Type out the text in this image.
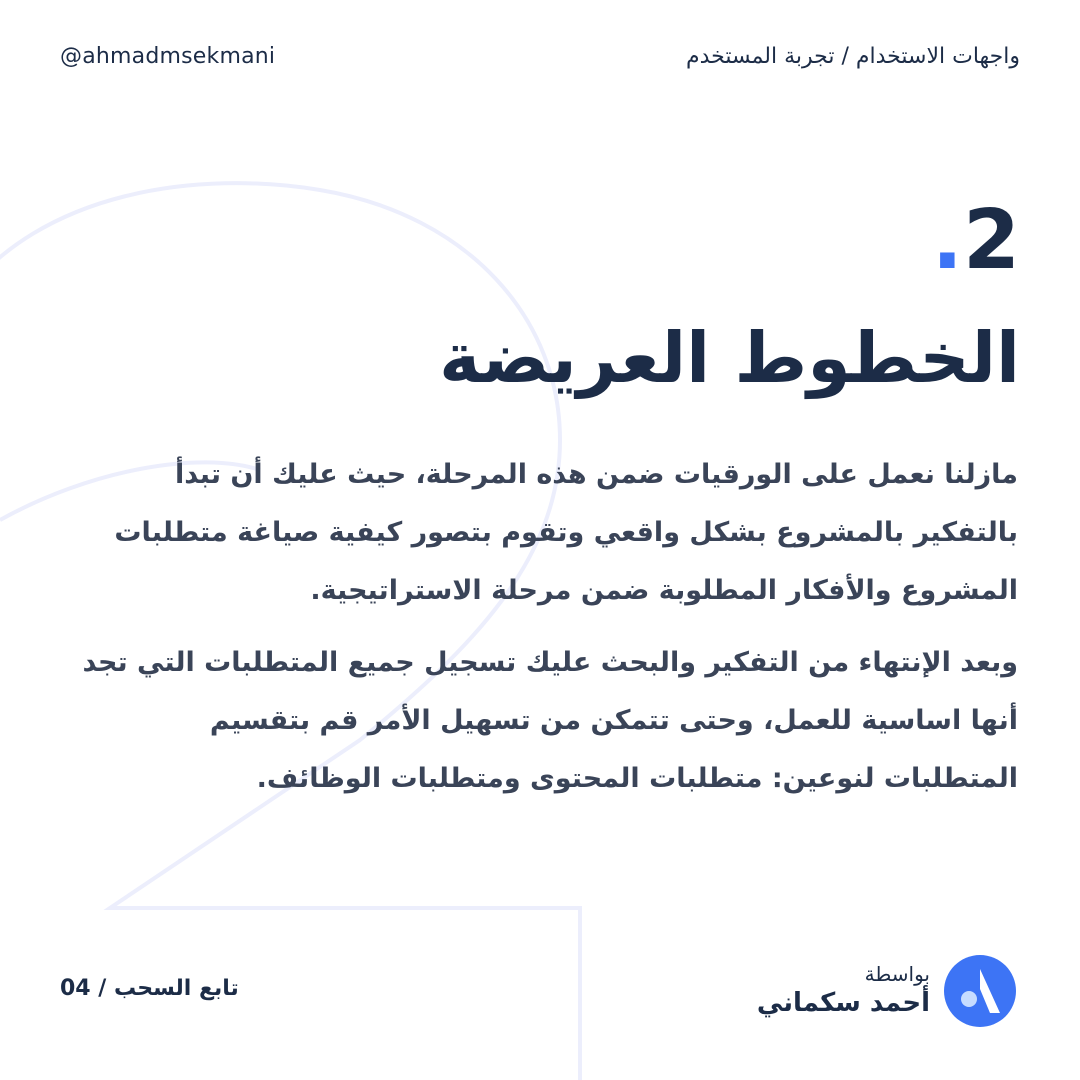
@ahmadmsekmani	واجهات الاستخدام / تجربة المستخدم
.2
الخطوط العريضة

مازلنا نعمل على الورقيات ضمن هذه المرحلة، حيث عليك أن تبدأ بالتفكير بالمشروع بشكل واقعي وتقوم بتصور كيفية صياغة متطلبات المشروع والأفكار المطلوبة ضمن مرحلة الاستراتيجية.

وبعد الإنتهاء من التفكير والبحث عليك تسجيل جميع المتطلبات التي تجد أنها اساسية للعمل، وحتى تتمكن من تسهيل الأمر قم بتقسيم المتطلبات لنوعين: متطلبات المحتوى ومتطلبات الوظائف.

تابع السحب / 04
بواسطة
أحمد سكماني
